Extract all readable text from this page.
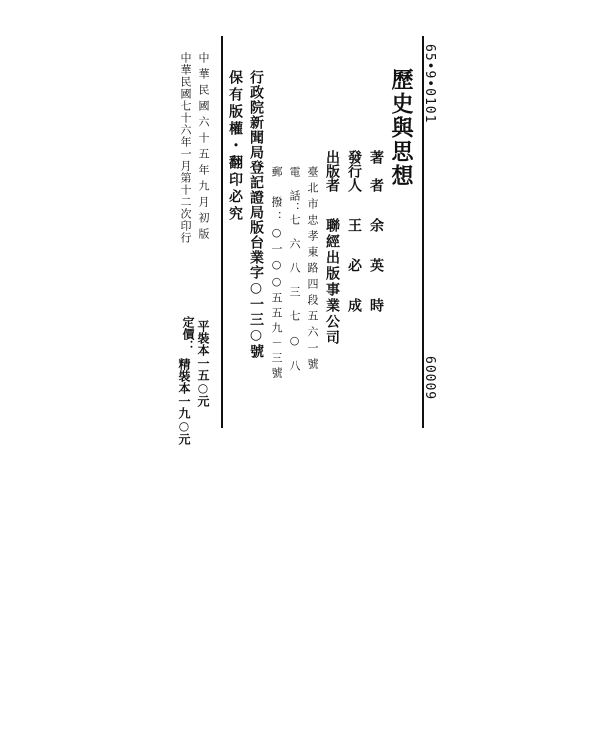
65•9•0101
60009
歷史與思想
著　者
余　英　時
發行人
王　必　成
出版者
聯經出版事業公司
臺北市忠孝東路四段五六一號
電　話：七　六　八　三　七　○　八
郵　撥：○一○○五五九－三號
行政院新聞局登記證局版台業字○一三○號
保有版權・翻印必究
中華民國六十五年九月初版
中華民國七十六年一月第十二次印行
定價： 平裝本
一五○元
精裝本
一九○元
